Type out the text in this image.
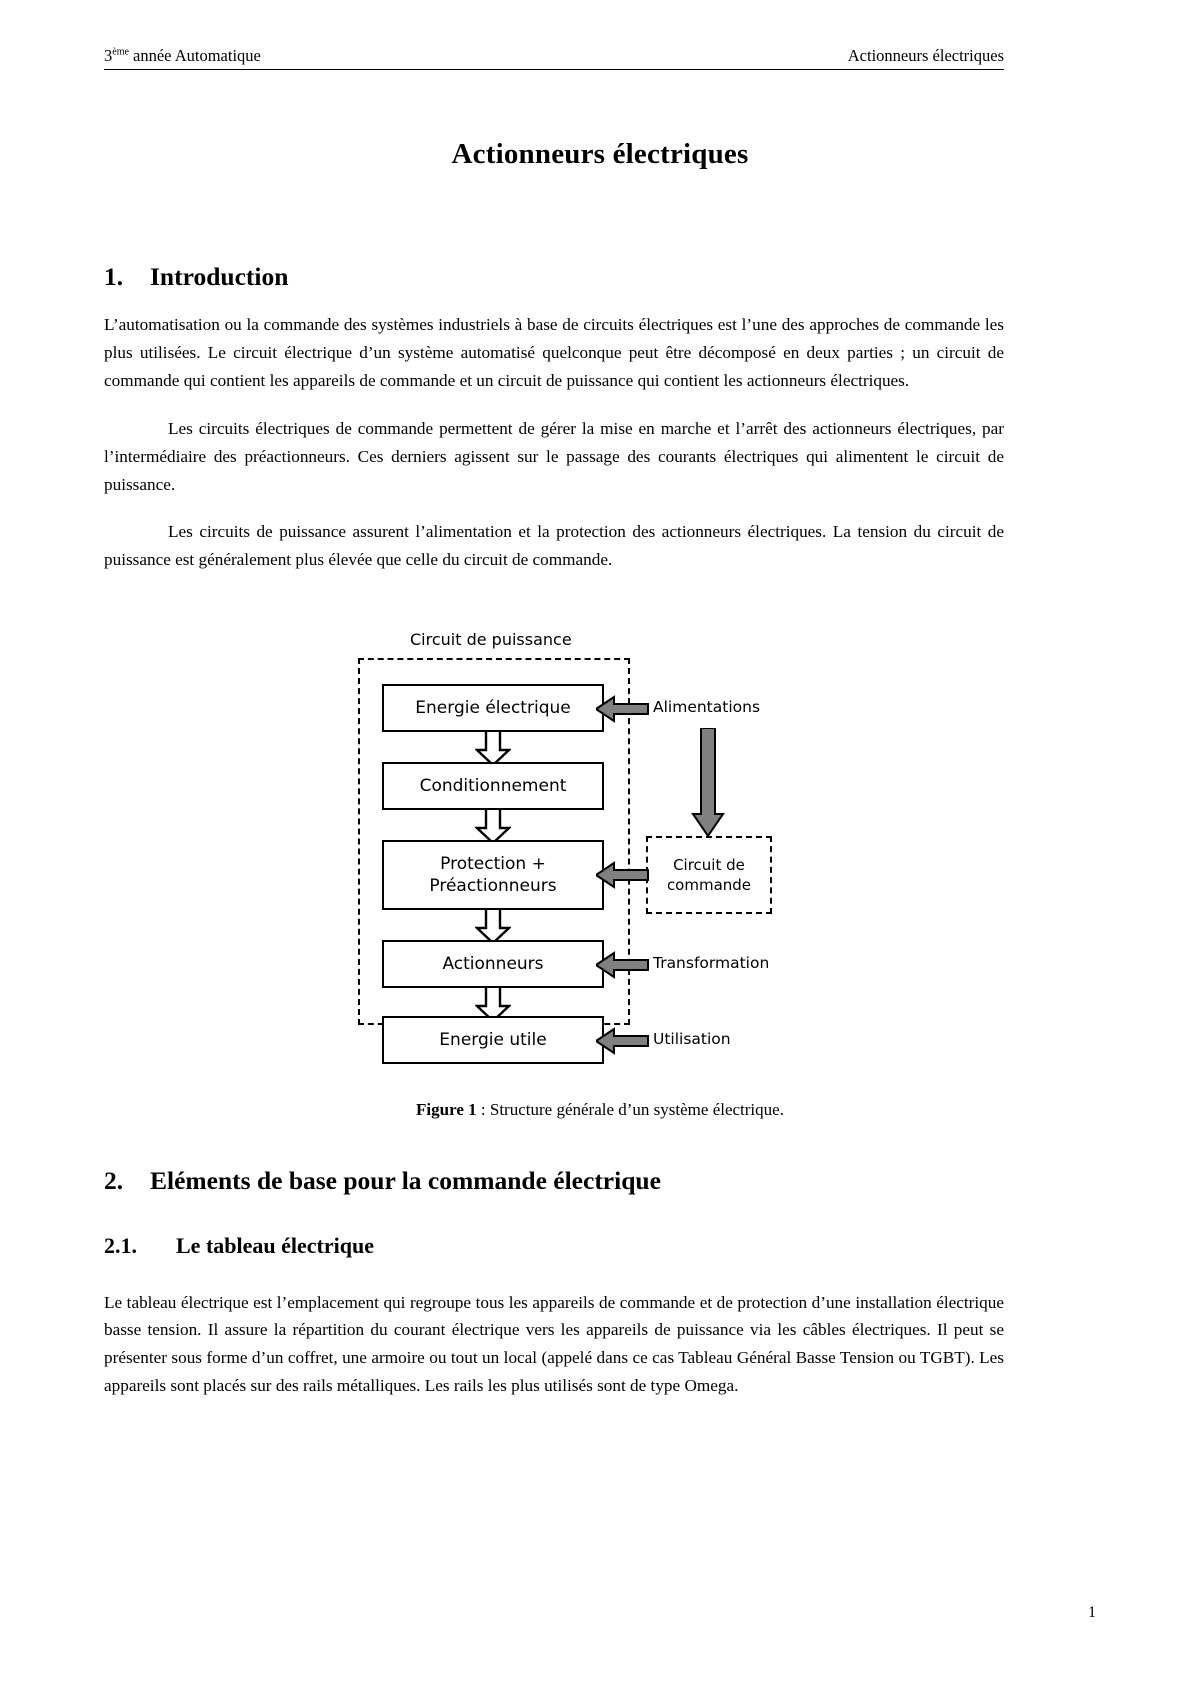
3ème année Automatique	Actionneurs électriques
Actionneurs électriques
1.	Introduction

L’automatisation ou la commande des systèmes industriels à base de circuits électriques est l’une des approches de commande les plus utilisées. Le circuit électrique d’un système automatisé quelconque peut être décomposé en deux parties ; un circuit de commande qui contient les appareils de commande et un circuit de puissance qui contient les actionneurs électriques.

Les circuits électriques de commande permettent de gérer la mise en marche et l’arrêt des actionneurs électriques, par l’intermédiaire des préactionneurs. Ces derniers agissent sur le passage des courants électriques qui alimentent le circuit de puissance.

Les circuits de puissance assurent l’alimentation et la protection des actionneurs électriques. La tension du circuit de puissance est généralement plus élevée que celle du circuit de commande.

Circuit de puissance
Circuit de
commande
Energie électrique
Conditionnement
Protection +
Préactionneurs
Actionneurs
Energie utile
Alimentations
Transformation
Utilisation
Figure 1 : Structure générale d’un système électrique.
2.	Eléments de base pour la commande électrique
2.1.	Le tableau électrique

Le tableau électrique est l’emplacement qui regroupe tous les appareils de commande et de protection d’une installation électrique basse tension. Il assure la répartition du courant électrique vers les appareils de puissance via les câbles électriques. Il peut se présenter sous forme d’un coffret, une armoire ou tout un local (appelé dans ce cas Tableau Général Basse Tension ou TGBT). Les appareils sont placés sur des rails métalliques. Les rails les plus utilisés sont de type Omega.

1
